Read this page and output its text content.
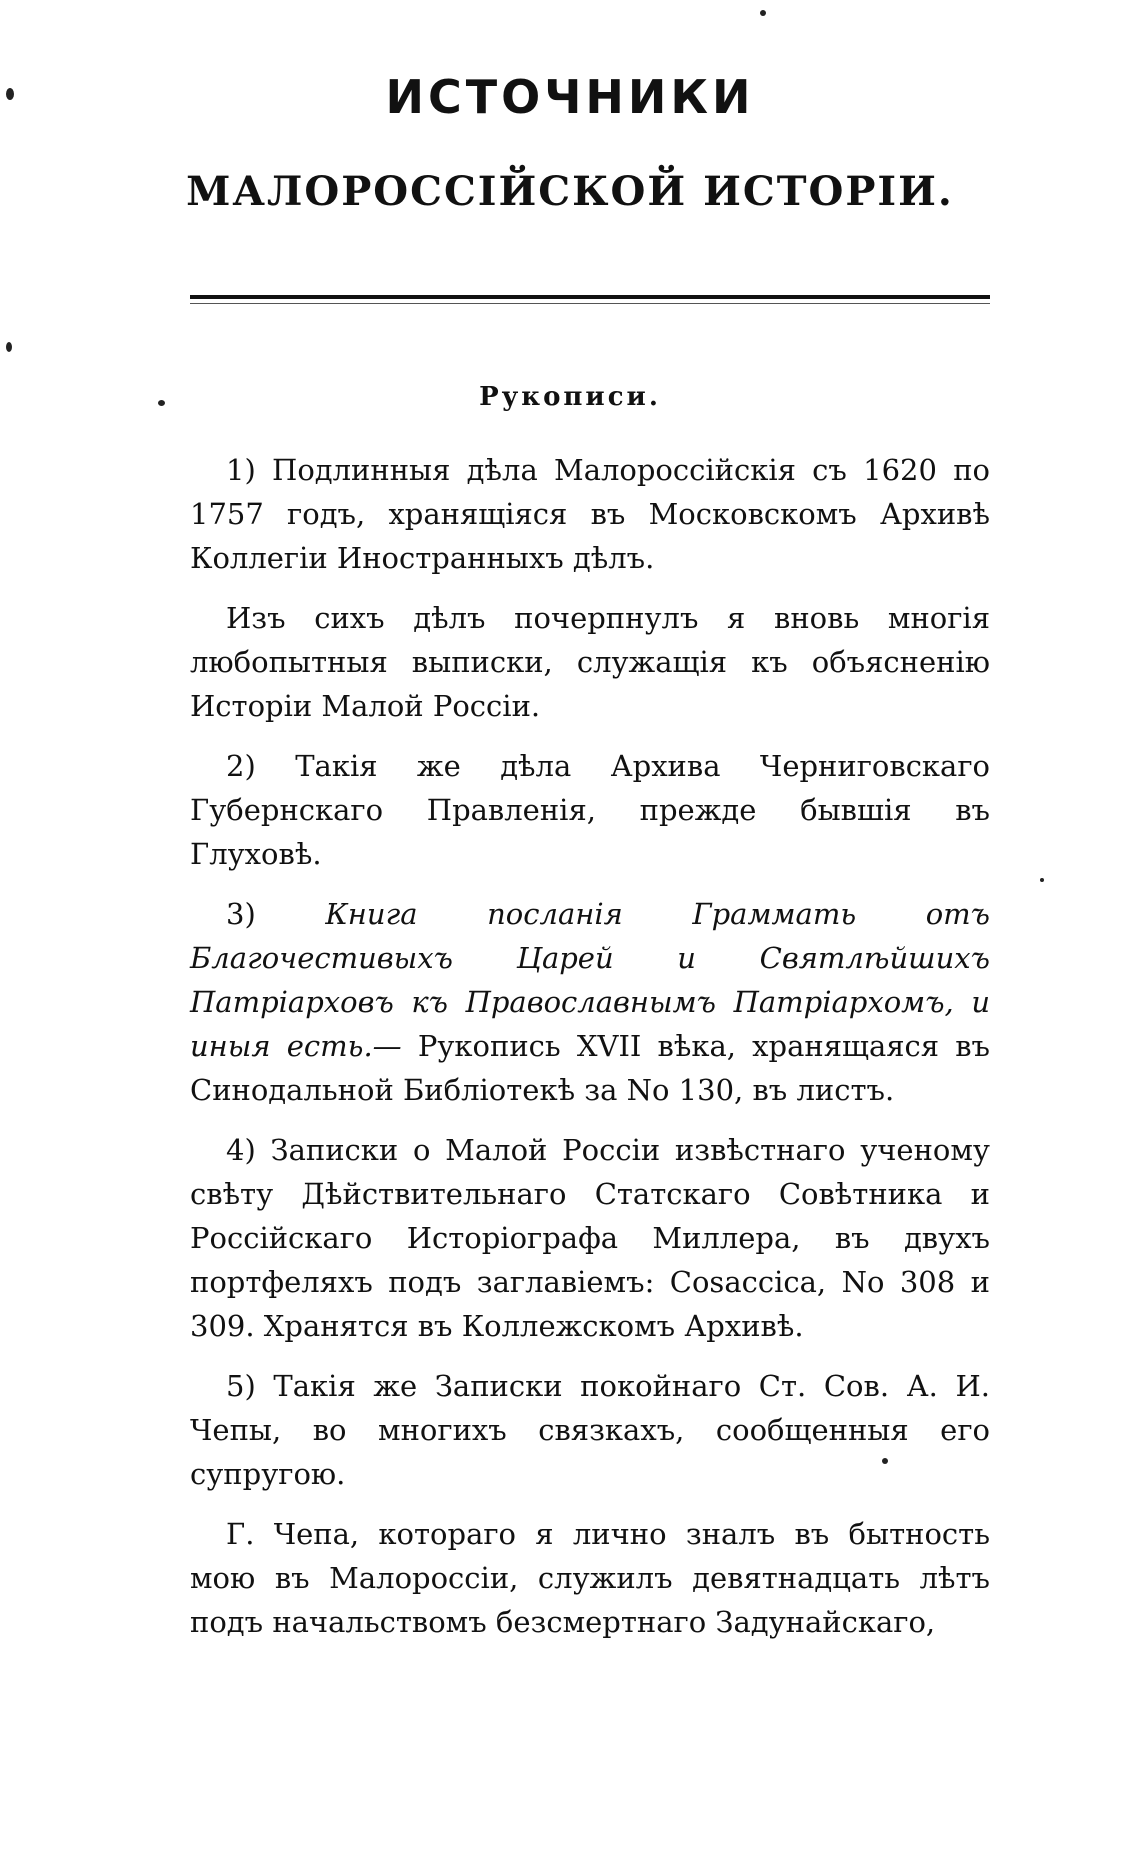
ИСТОЧНИКИ
МАЛОРОССІЙСКОЙ ИСТОРІИ.
Рукописи.

1) Подлинныя дѣла Малороссійскія съ 1620 по 1757 годъ, хранящіяся въ Московскомъ Архивѣ Коллегіи Иностранныхъ дѣлъ.

Изъ сихъ дѣлъ почерпнулъ я вновь многія любопытныя выписки, служащія къ объясненію Исторіи Малой Россіи.

2) Такія же дѣла Архива Черниговскаго Губернскаго Правленія, прежде бывшія въ Глуховѣ.

3) Книга посланія Граммать отъ Благочестивыхъ Царей и Святлѣйшихъ Патріарховъ къ Православнымъ Патріархомъ, и иныя есть.— Рукопись XVII вѣка, хранящаяся въ Синодальной Библіотекѣ за No 130, въ листъ.

4) Записки о Малой Россіи извѣстнаго ученому свѣту Дѣйствительнаго Статскаго Совѣтника и Россійскаго Исторіографа Миллера, въ двухъ портфеляхъ подъ заглавіемъ: Cosaccica, No 308 и 309. Хранятся въ Коллежскомъ Архивѣ.

5) Такія же Записки покойнаго Ст. Сов. А. И. Чепы, во многихъ связкахъ, сообщенныя его супругою.

Г. Чепа, котораго я лично зналъ въ бытность мою въ Малороссіи, служилъ девятнадцать лѣтъ подъ начальствомъ безсмертнаго Задунайскаго,
